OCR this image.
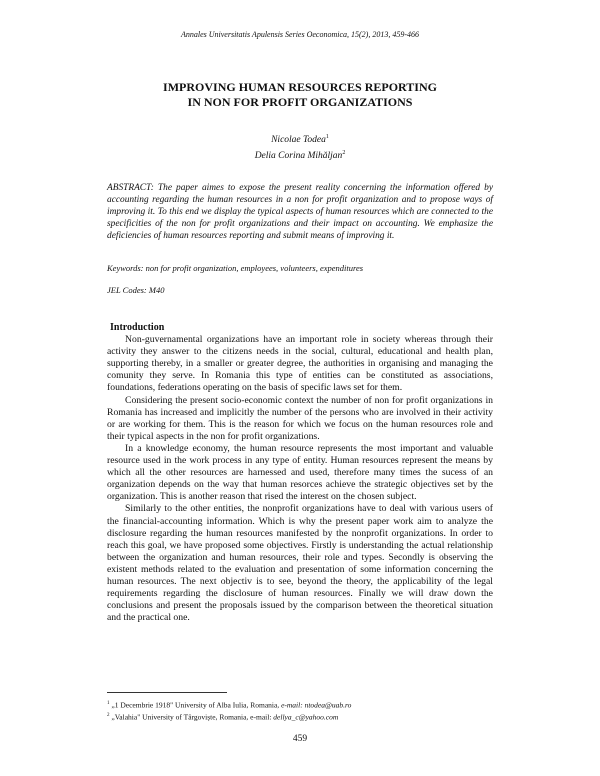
Annales Universitatis Apulensis Series Oeconomica, 15(2), 2013, 459-466
IMPROVING HUMAN RESOURCES REPORTING
IN NON FOR PROFIT ORGANIZATIONS
Nicolae Todea$^1$
Delia Corina Mihăljan$^2$
ABSTRACT: The paper aimes to expose the present reality concerning the information offered by accounting regarding the human resources in a non for profit organization and to propose ways of improving it. To this end we display the typical aspects of human resources which are connected to the specificities of the non for profit organizations and their impact on accounting. We emphasize the deficiencies of human resources reporting and submit means of improving it.
Keywords: non for profit organization, employees, volunteers, expenditures
JEL Codes: M40
Introduction

Non-guvernamental organizations have an important role in society whereas through their activity they answer to the citizens needs in the social, cultural, educational and health plan, supporting thereby, in a smaller or greater degree, the authorities in organising and managing the comunity they serve. In Romania this type of entities can be constituted as associations, foundations, federations operating on the basis of specific laws set for them.

Considering the present socio-economic context the number of non for profit organizations in Romania has increased and implicitly the number of the persons who are involved in their activity or are working for them. This is the reason for which we focus on the human resources role and their typical aspects in the non for profit organizations.

In a knowledge economy, the human resource represents the most important and valuable resource used in the work process in any type of entity. Human resources represent the means by which all the other resources are harnessed and used, therefore many times the sucess of an organization depends on the way that human resorces achieve the strategic objectives set by the organization. This is another reason that rised the interest on the chosen subject.

Similarly to the other entities, the nonprofit organizations have to deal with various users of the financial-accounting information. Which is why the present paper work aim to analyze the disclosure regarding the human resources manifested by the nonprofit organizations. In order to reach this goal, we have proposed some objectives. Firstly is understanding the actual relationship between the organization and human resources, their role and types. Secondly is observing the existent methods related to the evaluation and presentation of some information concerning the human resources. The next objectiv is to see, beyond the theory, the applicability of the legal requirements regarding the disclosure of human resources. Finally we will draw down the conclusions and present the proposals issued by the comparison between the theoretical situation and the practical one.

$^1$ „1 Decembrie 1918" University of Alba Iulia, Romania, e-mail: ntodea@uab.ro
$^2$ „Valahia" University of Târgoviște, Romania, e-mail: dellya_c@yahoo.com
459
